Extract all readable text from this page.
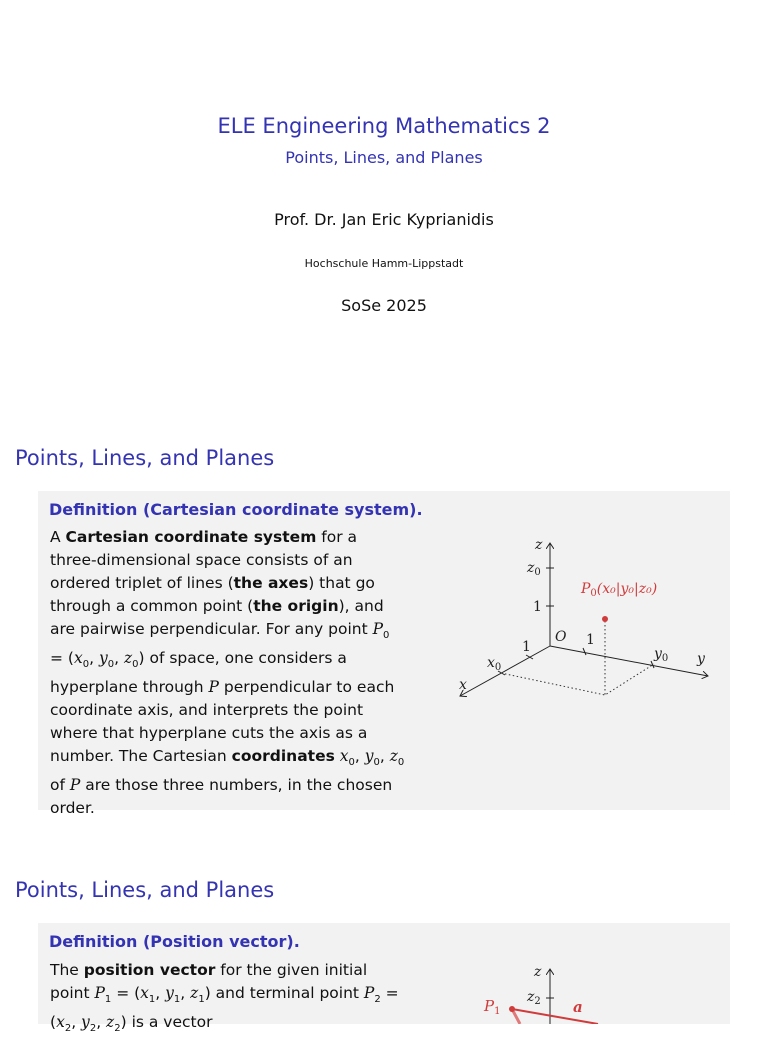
ELE Engineering Mathematics 2
Points, Lines, and Planes
Prof. Dr. Jan Eric Kyprianidis
Hochschule Hamm-Lippstadt
SoSe 2025
Points, Lines, and Planes
Definition (Cartesian coordinate system).
A Cartesian coordinate system for a three-dimensional space consists of an ordered triplet of lines (the axes) that go through a common point (the origin), and are pairwise perpendicular. For any point $P_0 = (x_0$, $y_0$, $z_0$) of space, one considers a hyperplane through P perpendicular to each coordinate axis, and interprets the point where that hyperplane cuts the axis as a number. The Cartesian coordinates $x_0$, $y_0$, $z_0$ of P are those three numbers, in the chosen order.
z
$z_0$
1
O 1
1
$x_0$
x
$y_0$ y
$P_0(x_0|y_0|z_0)$
Points, Lines, and Planes
Definition (Position vector).
The position vector for the given initial point $P_1 = (x_1$, $y_1$, $z_1$) and terminal point $P_2 = (x_2$, $y_2$, $z_2$) is a vector
z
$z_2$
$P_1$	a
